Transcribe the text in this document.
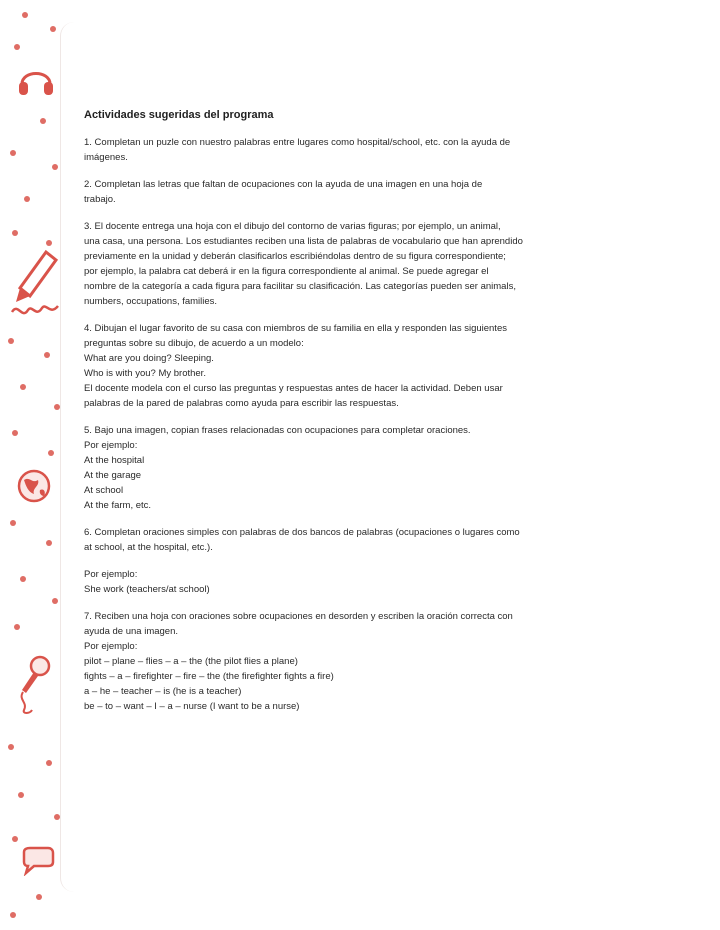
Actividades sugeridas del programa

1. Completan un puzle con nuestro palabras entre lugares como hospital/school, etc. con la ayuda de
imágenes.

2. Completan las letras que faltan de ocupaciones con la ayuda de una imagen en una hoja de
trabajo.

3. El docente entrega una hoja con el dibujo del contorno de varias figuras; por ejemplo, un animal,
una casa, una persona. Los estudiantes reciben una lista de palabras de vocabulario que han aprendido
previamente en la unidad y deberán clasificarlos escribiéndolas dentro de su figura correspondiente;
por ejemplo, la palabra cat deberá ir en la figura correspondiente al animal. Se puede agregar el
nombre de la categoría a cada figura para facilitar su clasificación. Las categorías pueden ser animals,
numbers, occupations, families.

4. Dibujan el lugar favorito de su casa con miembros de su familia en ella y responden las siguientes
preguntas sobre su dibujo, de acuerdo a un modelo:
What are you doing? Sleeping.
Who is with you? My brother.
El docente modela con el curso las preguntas y respuestas antes de hacer la actividad. Deben usar
palabras de la pared de palabras como ayuda para escribir las respuestas.

5. Bajo una imagen, copian frases relacionadas con ocupaciones para completar oraciones.
Por ejemplo:
At the hospital
At the garage
At school
At the farm, etc.

6. Completan oraciones simples con palabras de dos bancos de palabras (ocupaciones o lugares como
at school, at the hospital, etc.).

Por ejemplo:
She work (teachers/at school)

7. Reciben una hoja con oraciones sobre ocupaciones en desorden y escriben la oración correcta con
ayuda de una imagen.
Por ejemplo:
pilot – plane – flies – a – the (the pilot flies a plane)
fights – a – firefighter – fire – the (the firefighter fights a fire)
a – he – teacher – is (he is a teacher)
be – to – want – I – a – nurse (I want to be a nurse)
